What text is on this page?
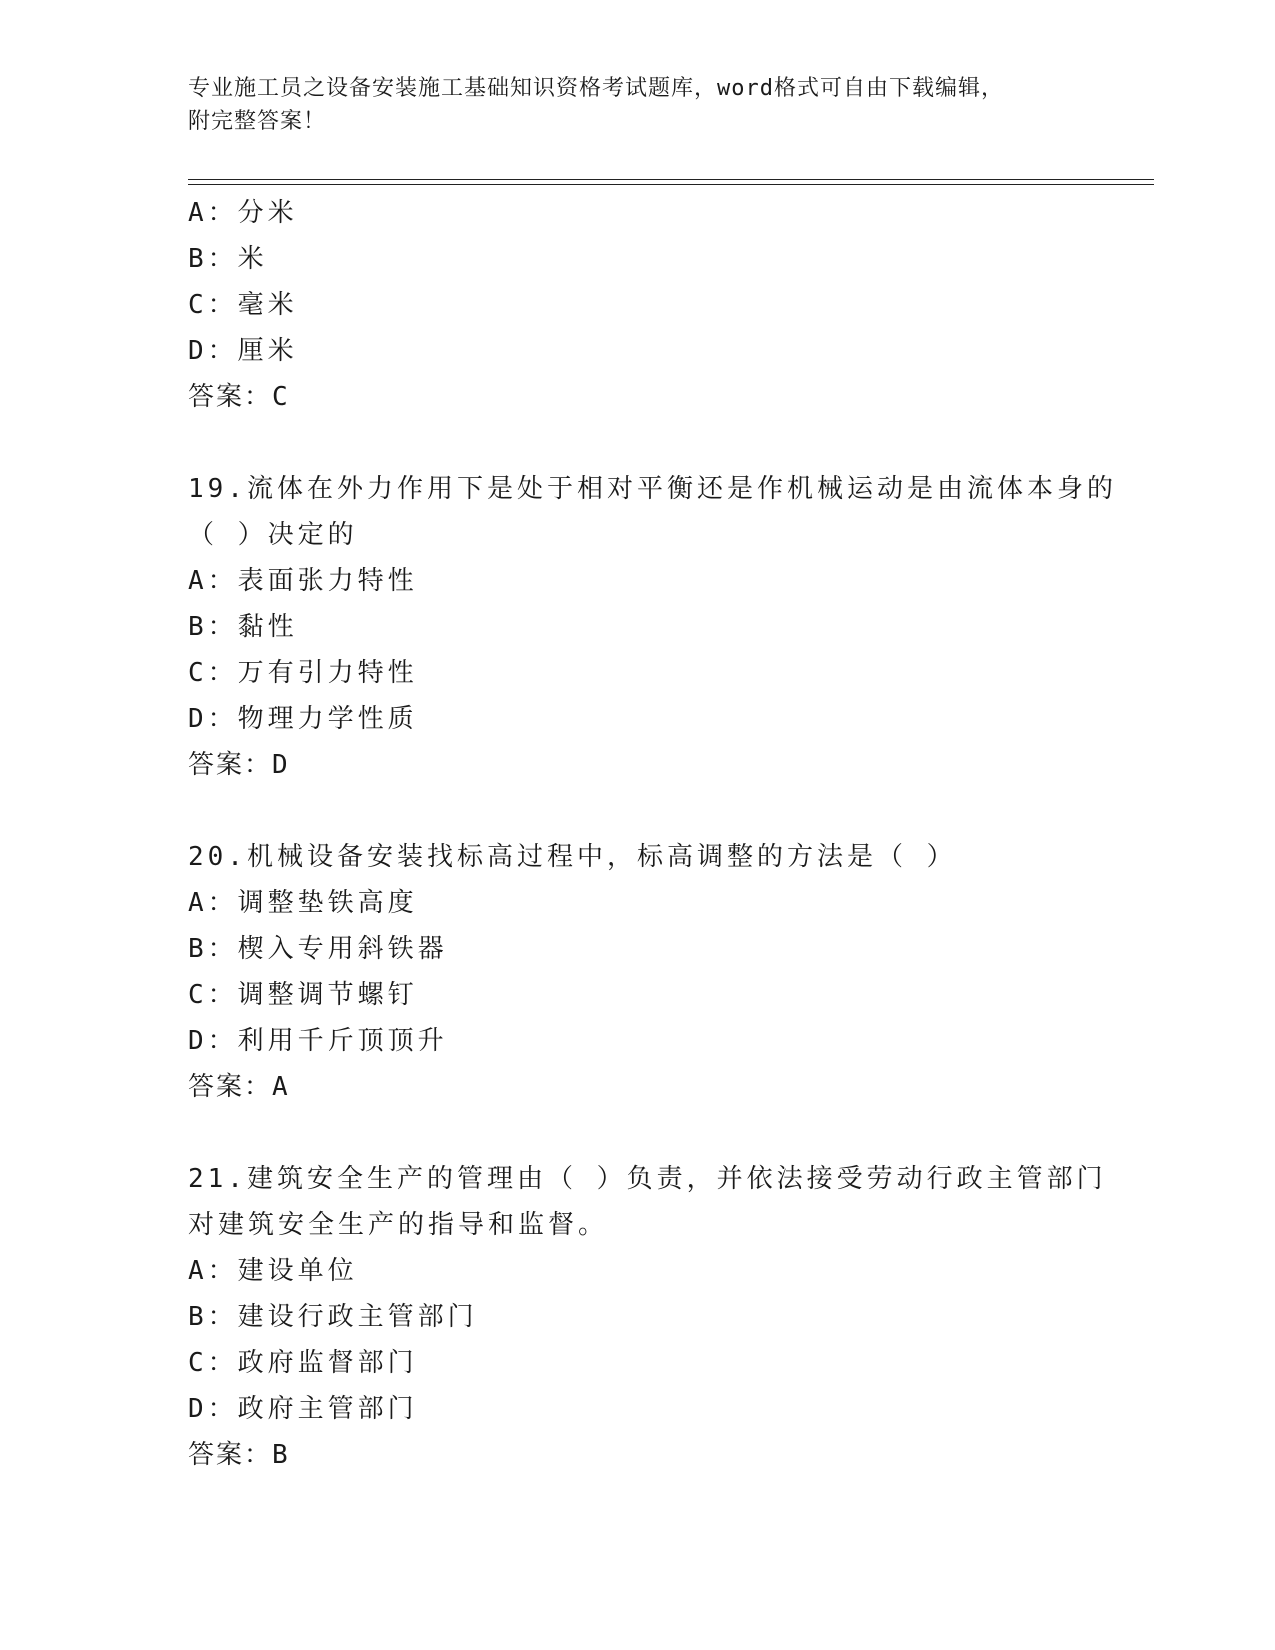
专业施工员之设备安装施工基础知识资格考试题库，word格式可自由下载编辑，
附完整答案！
A：分米
B：米
C：毫米
D：厘米
答案：C
19.流体在外力作用下是处于相对平衡还是作机械运动是由流体本身的
（ ）决定的
A：表面张力特性
B：黏性
C：万有引力特性
D：物理力学性质
答案：D
20.机械设备安装找标高过程中，标高调整的方法是（ ）
A：调整垫铁高度
B：楔入专用斜铁器
C：调整调节螺钉
D：利用千斤顶顶升
答案：A
21.建筑安全生产的管理由（ ）负责，并依法接受劳动行政主管部门
对建筑安全生产的指导和监督。
A：建设单位
B：建设行政主管部门
C：政府监督部门
D：政府主管部门
答案：B
